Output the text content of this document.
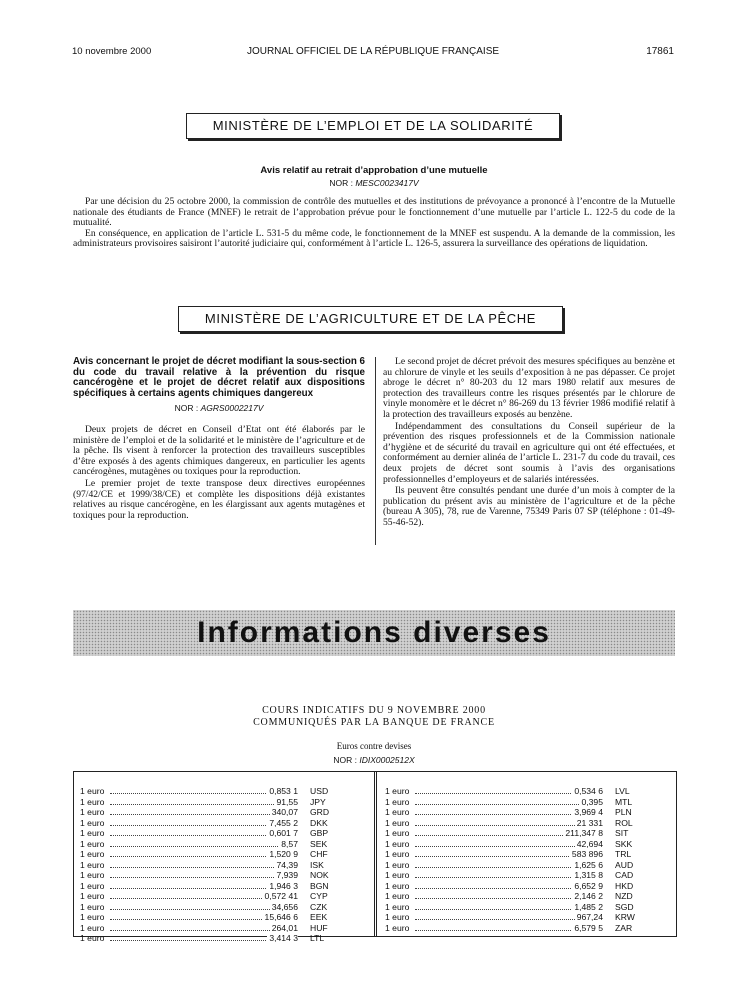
10 novembre 2000	JOURNAL OFFICIEL DE LA RÉPUBLIQUE FRANÇAISE	17861
MINISTÈRE DE L’EMPLOI ET DE LA SOLIDARITÉ
Avis relatif au retrait d’approbation d’une mutuelle
NOR : MESC0023417V

Par une décision du 25 octobre 2000, la commission de contrôle des mutuelles et des institutions de prévoyance a prononcé à l’encontre de la Mutuelle nationale des étudiants de France (MNEF) le retrait de l’approbation prévue pour le fonctionnement d’une mutuelle par l’article L. 122-5 du code de la mutualité.

En conséquence, en application de l’article L. 531-5 du même code, le fonctionnement de la MNEF est suspendu. A la demande de la commission, les administrateurs provisoires saisiront l’autorité judiciaire qui, conformément à l’article L. 126-5, assurera la surveillance des opérations de liquidation.

MINISTÈRE DE L’AGRICULTURE ET DE LA PÊCHE

Avis concernant le projet de décret modifiant la sous-section 6 du code du travail relative à la prévention du risque cancérogène et le projet de décret relatif aux dispositions spécifiques à certains agents chimiques dangereux

NOR : AGRS0002217V

Deux projets de décret en Conseil d’Etat ont été élaborés par le ministère de l’emploi et de la solidarité et le ministère de l’agriculture et de la pêche. Ils visent à renforcer la protection des travailleurs susceptibles d’être exposés à des agents chimiques dangereux, en particulier les agents cancérogènes, mutagènes ou toxiques pour la reproduction.

Le premier projet de texte transpose deux directives européennes (97/42/CE et 1999/38/CE) et complète les dispositions déjà existantes relatives au risque cancérogène, en les élargissant aux agents mutagènes et toxiques pour la reproduction.

Le second projet de décret prévoit des mesures spécifiques au benzène et au chlorure de vinyle et les seuils d’exposition à ne pas dépasser. Ce projet abroge le décret n° 80-203 du 12 mars 1980 relatif aux mesures de protection des travailleurs contre les risques présentés par le chlorure de vinyle monomère et le décret n° 86-269 du 13 février 1986 modifié relatif à la protection des travailleurs exposés au benzène.

Indépendamment des consultations du Conseil supérieur de la prévention des risques professionnels et de la Commission nationale d’hygiène et de sécurité du travail en agriculture qui ont été effectuées, et conformément au dernier alinéa de l’article L. 231-7 du code du travail, ces deux projets de décret sont soumis à l’avis des organisations professionnelles d’employeurs et de salariés intéressées.

Ils peuvent être consultés pendant une durée d’un mois à compter de la publication du présent avis au ministère de l’agriculture et de la pêche (bureau A 305), 78, rue de Varenne, 75349 Paris 07 SP (téléphone : 01-49-55-46-52).

Informations diverses
COURS INDICATIFS DU 9 NOVEMBRE 2000
COMMUNIQUÉS PAR LA BANQUE DE FRANCE
Euros contre devises
NOR : IDIX0002512X
1 euro	0,853 1 USD
1 euro	91,55 JPY
1 euro	340,07 GRD
1 euro	7,455 2 DKK
1 euro	0,601 7 GBP
1 euro	8,57 SEK
1 euro	1,520 9 CHF
1 euro	74,39 ISK
1 euro	7,939 NOK
1 euro	1,946 3 BGN
1 euro	0,572 41 CYP
1 euro	34,656 CZK
1 euro	15,646 6 EEK
1 euro	264,01 HUF
1 euro	3,414 3 LTL
1 euro	0,534 6 LVL
1 euro	0,395 MTL
1 euro	3,969 4 PLN
1 euro	21 331 ROL
1 euro	211,347 8 SIT
1 euro	42,694 SKK
1 euro	583 896 TRL
1 euro	1,625 6 AUD
1 euro	1,315 8 CAD
1 euro	6,652 9 HKD
1 euro	2,146 2 NZD
1 euro	1,485 2 SGD
1 euro	967,24 KRW
1 euro	6,579 5 ZAR
